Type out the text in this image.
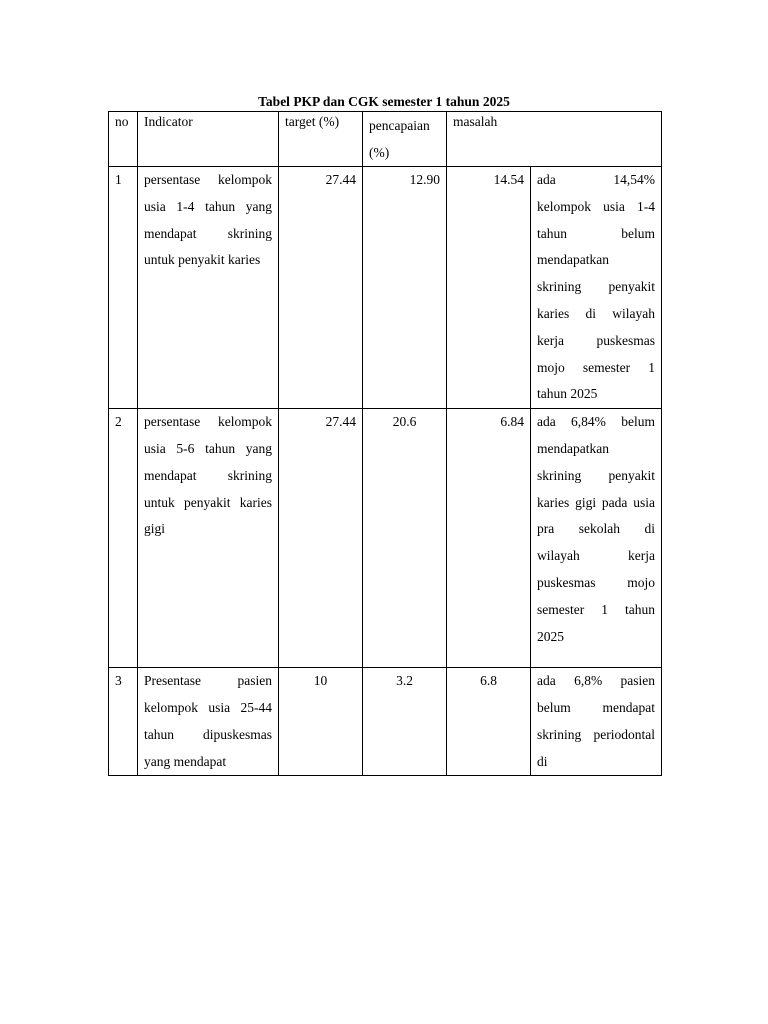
Tabel PKP dan CGK semester 1 tahun 2025
no	Indicator	target (%)	pencapaian (%)	masalah	
1	persentase kelompok usia 1-4 tahun yang mendapat skrining untuk penyakit karies	27.44	12.90	14.54	ada 14,54% kelompok usia 1-4 tahun belum mendapatkan skrining penyakit karies di wilayah kerja puskesmas mojo semester 1 tahun 2025
2	persentase kelompok usia 5-6 tahun yang mendapat skrining untuk penyakit karies gigi	27.44	20.6	6.84	ada 6,84% belum mendapatkan skrining penyakit karies gigi pada usia pra sekolah di wilayah kerja puskesmas mojo semester 1 tahun 2025
3	Presentase pasien kelompok usia 25-44 tahun dipuskesmas yang mendapat	10	3.2	6.8	ada 6,8% pasien belum mendapat skrining periodontal di
